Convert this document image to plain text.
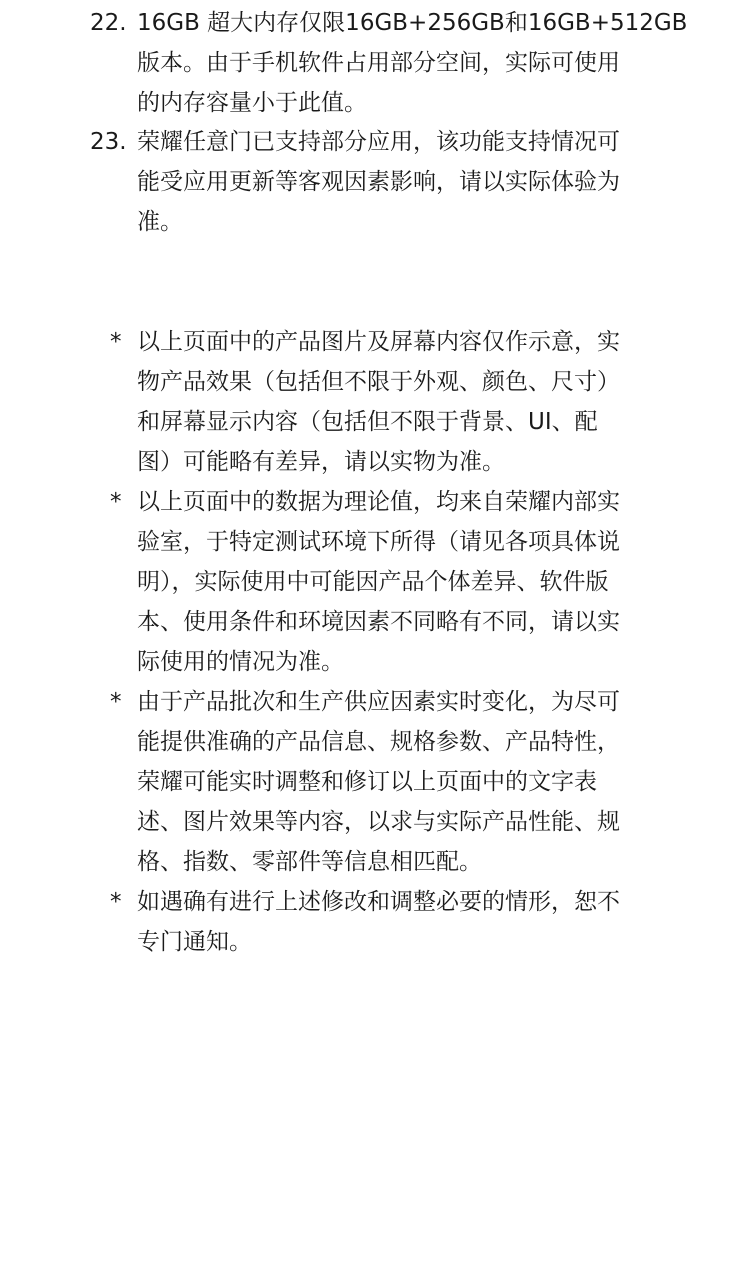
22. 16GB 超大内存仅限16GB+256GB和16GB+512GB
版本。由于手机软件占用部分空间，实际可使用
的内存容量小于此值。
23. 荣耀任意门已支持部分应用，该功能支持情况可
能受应用更新等客观因素影响，请以实际体验为
准。
* 以上页面中的产品图片及屏幕内容仅作示意，实
物产品效果（包括但不限于外观、颜色、尺寸）
和屏幕显示内容（包括但不限于背景、UI、配
图）可能略有差异，请以实物为准。
* 以上页面中的数据为理论值，均来自荣耀内部实
验室，于特定测试环境下所得（请见各项具体说
明），实际使用中可能因产品个体差异、软件版
本、使用条件和环境因素不同略有不同，请以实
际使用的情况为准。
* 由于产品批次和生产供应因素实时变化，为尽可
能提供准确的产品信息、规格参数、产品特性，
荣耀可能实时调整和修订以上页面中的文字表
述、图片效果等内容，以求与实际产品性能、规
格、指数、零部件等信息相匹配。
* 如遇确有进行上述修改和调整必要的情形，恕不
专门通知。
